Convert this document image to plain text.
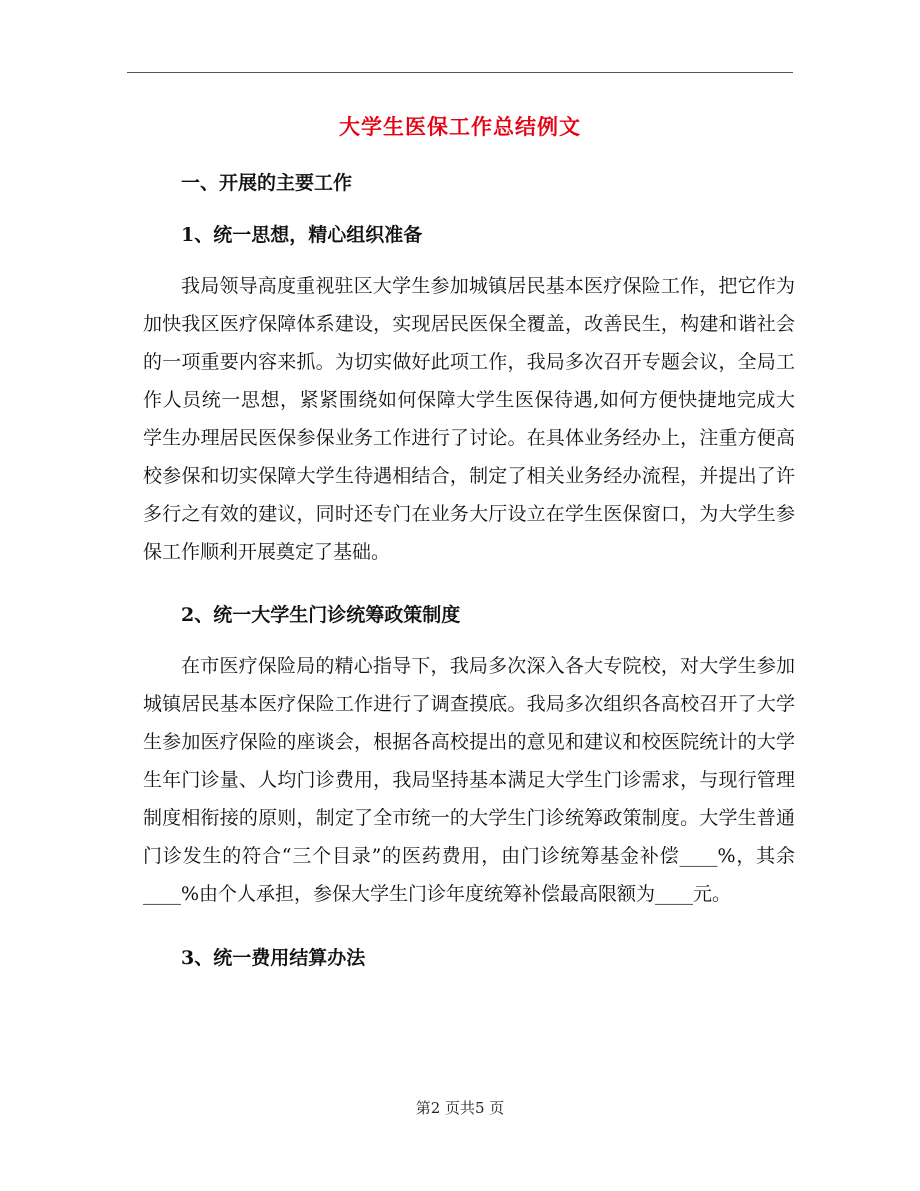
大学生医保工作总结例文
一、开展的主要工作
1、统一思想，精心组织准备

我局领导高度重视驻区大学生参加城镇居民基本医疗保险工作，把它作为加快我区医疗保障体系建设，实现居民医保全覆盖，改善民生，构建和谐社会的一项重要内容来抓。为切实做好此项工作，我局多次召开专题会议，全局工作人员统一思想，紧紧围绕如何保障大学生医保待遇,如何方便快捷地完成大学生办理居民医保参保业务工作进行了讨论。在具体业务经办上，注重方便高校参保和切实保障大学生待遇相结合，制定了相关业务经办流程，并提出了许多行之有效的建议，同时还专门在业务大厅设立在学生医保窗口，为大学生参保工作顺利开展奠定了基础。

2、统一大学生门诊统筹政策制度

在市医疗保险局的精心指导下，我局多次深入各大专院校，对大学生参加城镇居民基本医疗保险工作进行了调查摸底。我局多次组织各高校召开了大学生参加医疗保险的座谈会，根据各高校提出的意见和建议和校医院统计的大学生年门诊量、人均门诊费用，我局坚持基本满足大学生门诊需求，与现行管理制度相衔接的原则，制定了全市统一的大学生门诊统筹政策制度。大学生普通门诊发生的符合“三个目录”的医药费用，由门诊统筹基金补偿____%，其余____%由个人承担，参保大学生门诊年度统筹补偿最高限额为____元。

3、统一费用结算办法
第2 页共5 页
